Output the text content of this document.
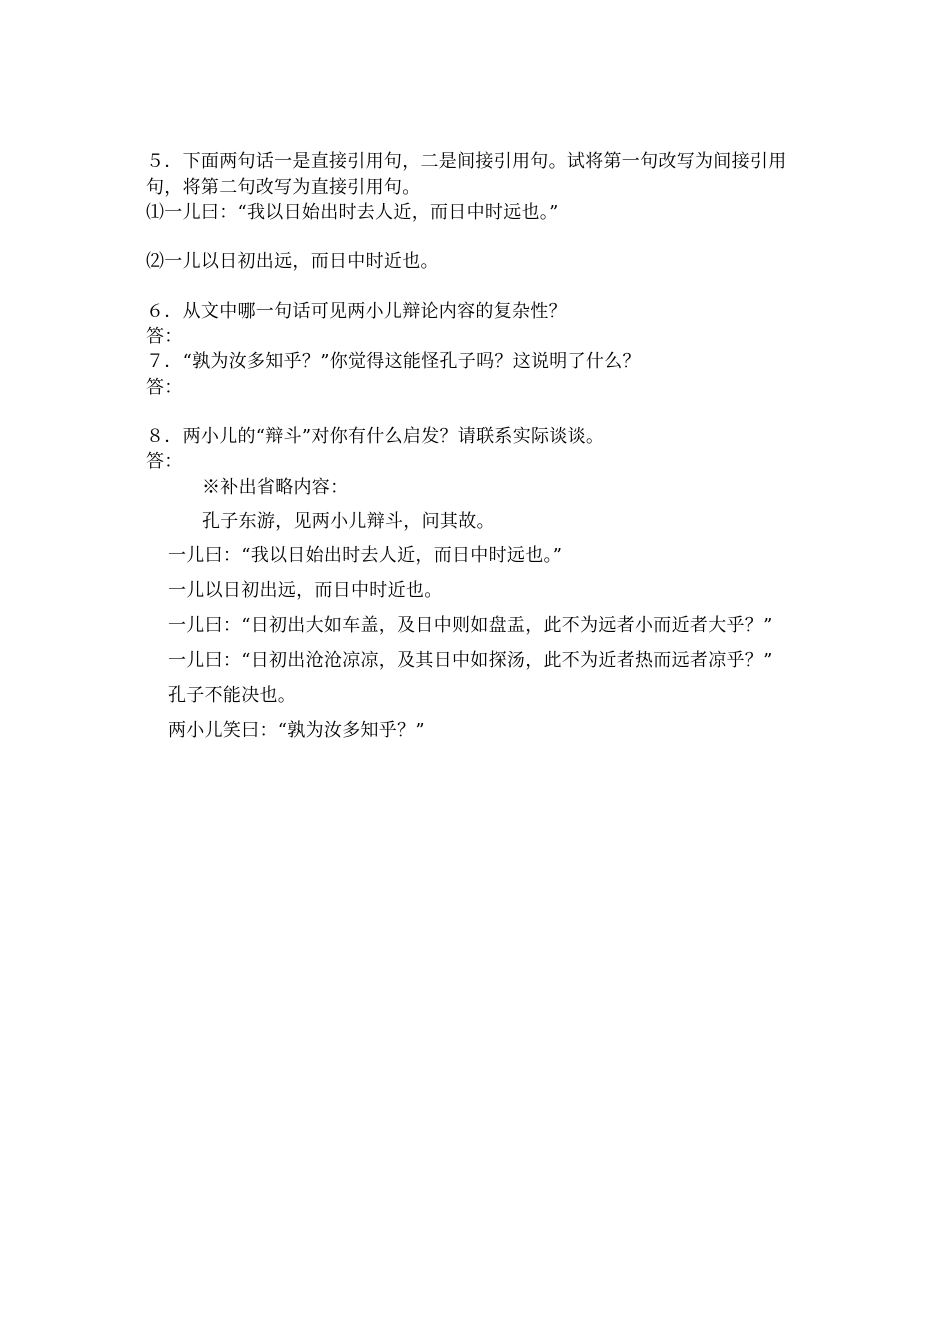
５．下面两句话一是直接引用句，二是间接引用句。试将第一句改写为间接引用
句，将第二句改写为直接引用句。
⑴一儿曰：“我以日始出时去人近，而日中时远也。”
⑵一儿以日初出远，而日中时近也。
６．从文中哪一句话可见两小儿辩论内容的复杂性？
答：
７．“孰为汝多知乎？”你觉得这能怪孔子吗？这说明了什么？
答：
８．两小儿的“辩斗”对你有什么启发？请联系实际谈谈。
答：
※补出省略内容：
孔子东游，见两小儿辩斗，问其故。
一儿曰：“我以日始出时去人近，而日中时远也。”
一儿以日初出远，而日中时近也。
一儿曰：“日初出大如车盖，及日中则如盘盂，此不为远者小而近者大乎？”
一儿曰：“日初出沧沧凉凉，及其日中如探汤，此不为近者热而远者凉乎？”
孔子不能决也。
两小儿笑曰：“孰为汝多知乎？”
